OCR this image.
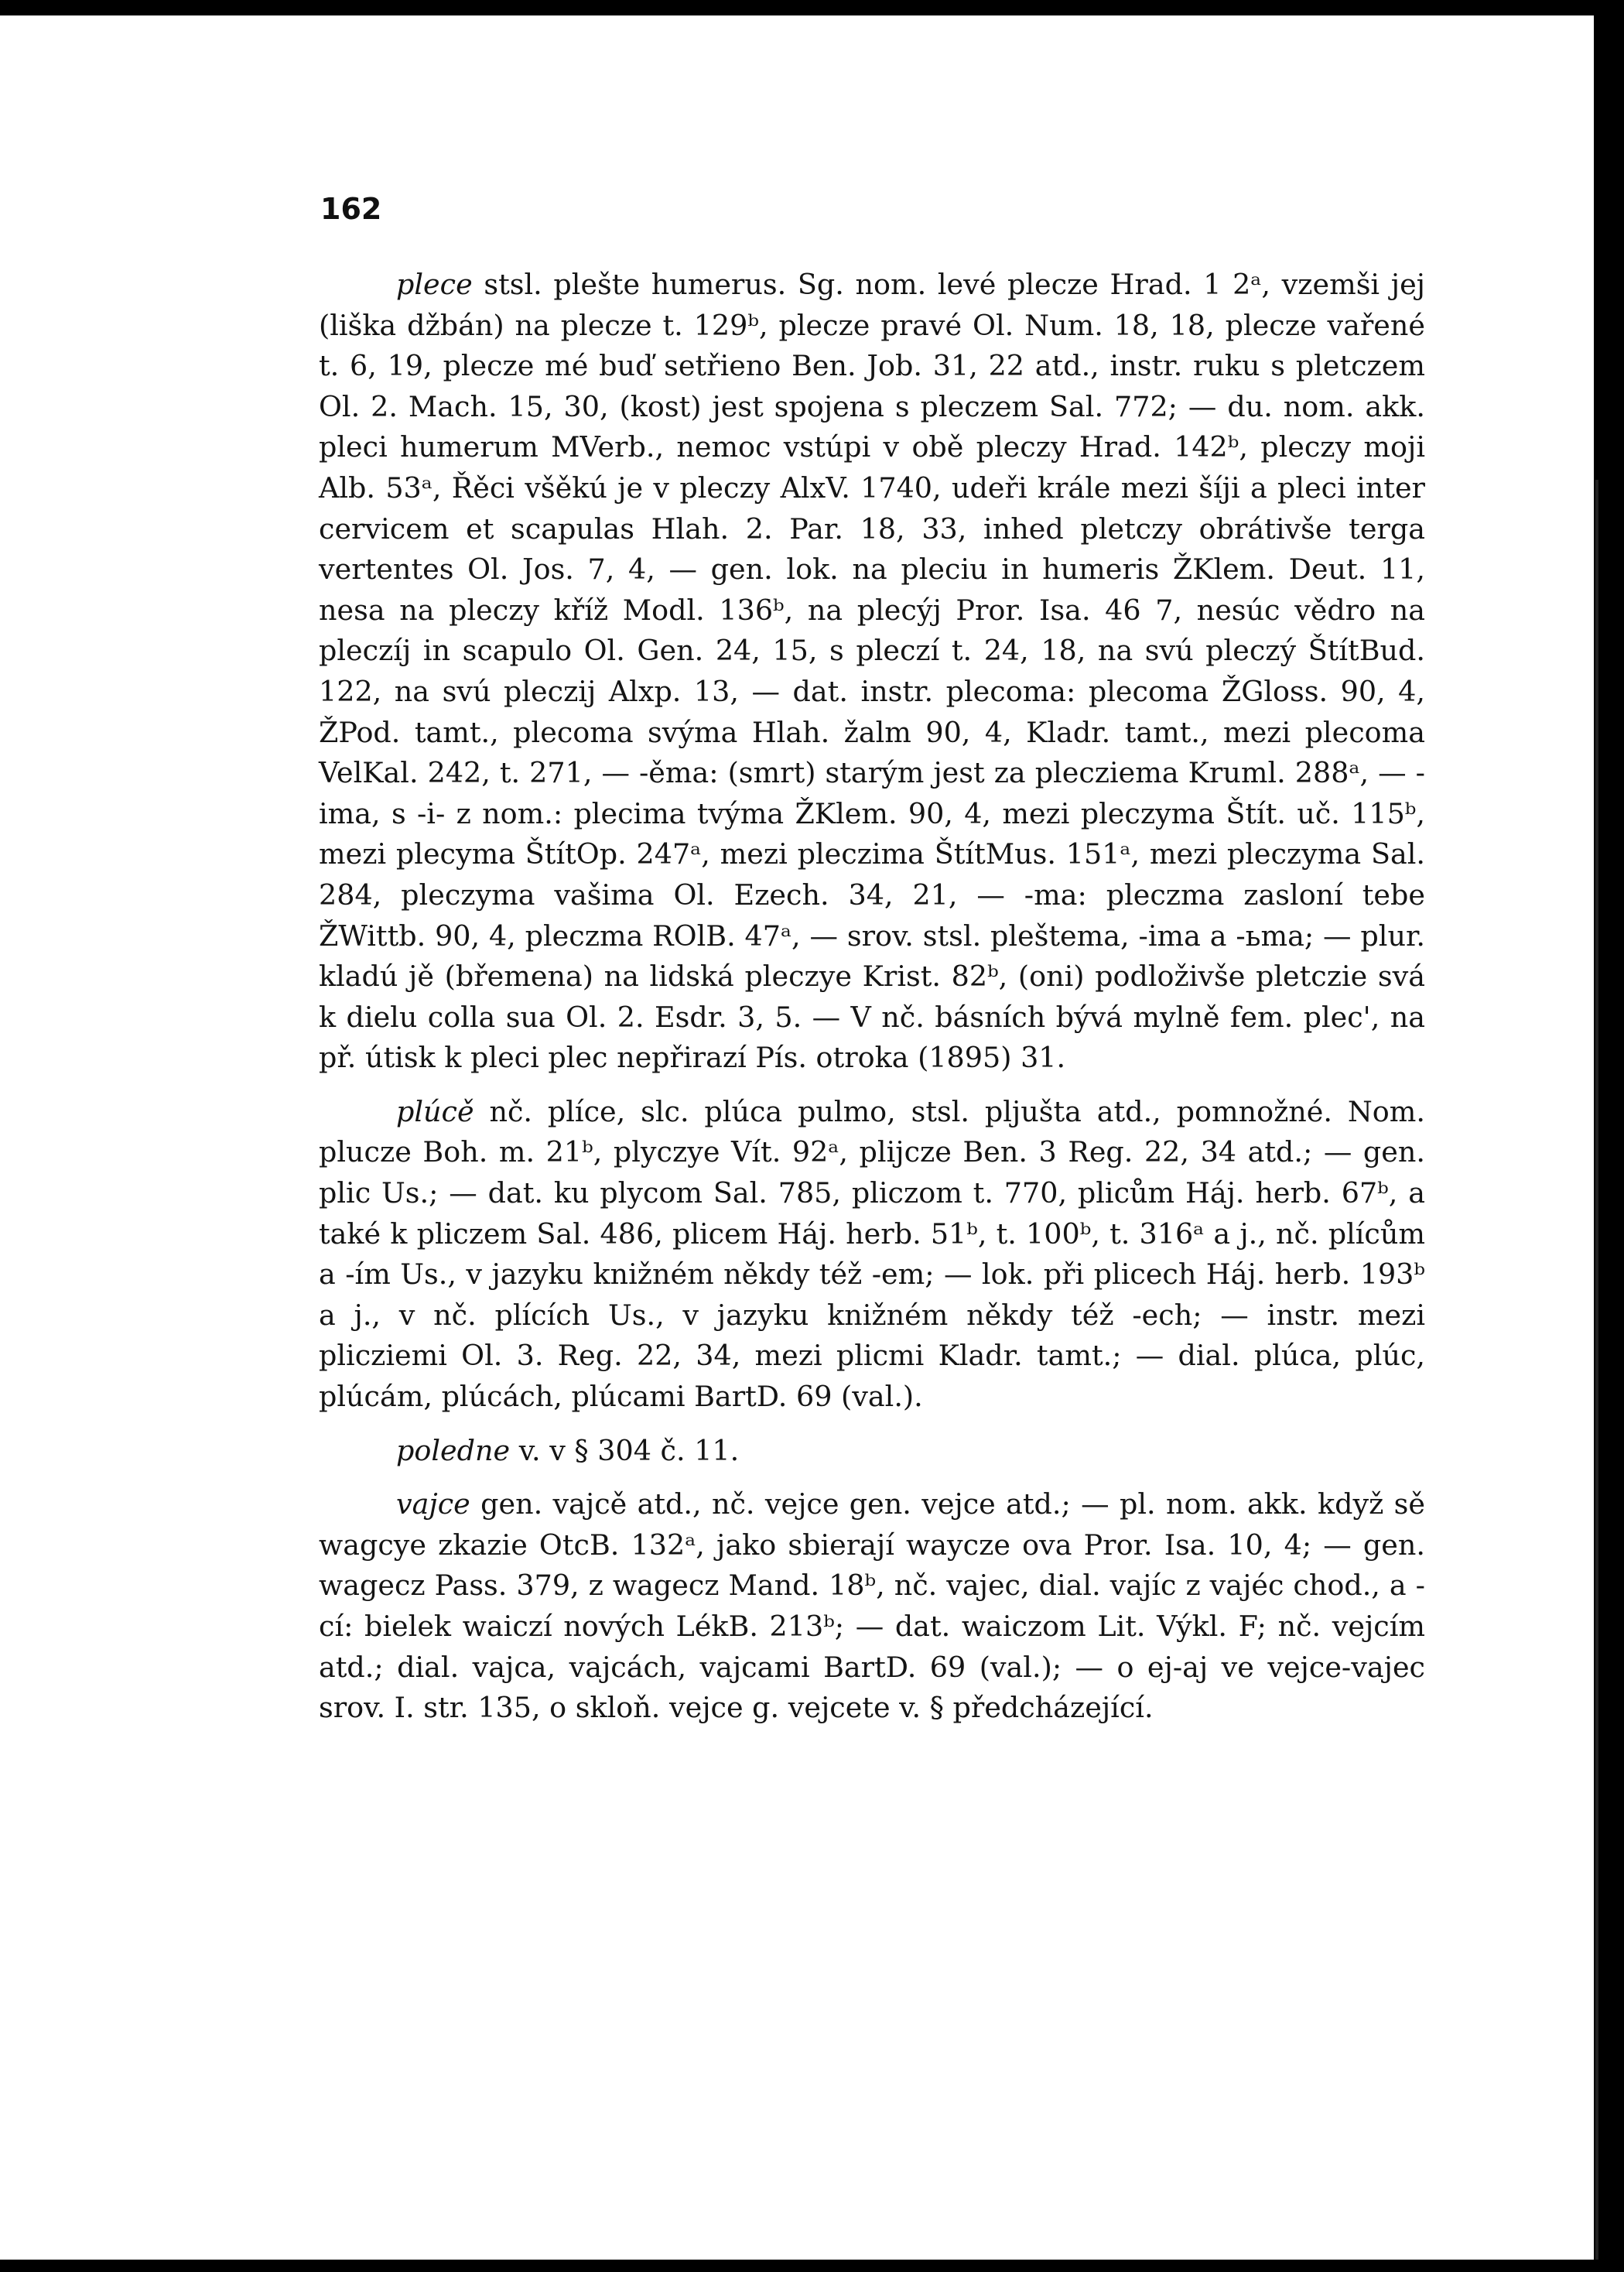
162

plece stsl. plešte humerus. Sg. nom. levé plecze Hrad. 1 2ᵃ, vzemši jej (liška džbán) na plecze t. 129ᵇ, plecze pravé Ol. Num. 18, 18, plecze vařené t. 6, 19, plecze mé buď setřieno Ben. Job. 31, 22 atd., instr. ruku s pletczem Ol. 2. Mach. 15, 30, (kost) jest spojena s pleczem Sal. 772; — du. nom. akk. pleci humerum MVerb., nemoc vstúpi v obě pleczy Hrad. 142ᵇ, pleczy moji Alb. 53ᵃ, Řěci všěkú je v pleczy AlxV. 1740, udeři krále mezi šíji a pleci inter cervicem et scapulas Hlah. 2. Par. 18, 33, inhed pletczy obrátivše terga vertentes Ol. Jos. 7, 4, — gen. lok. na pleciu in humeris ŽKlem. Deut. 11, nesa na pleczy kříž Modl. 136ᵇ, na plecýj Pror. Isa. 46 7, nesúc vědro na pleczíj in scapulo Ol. Gen. 24, 15, s pleczí t. 24, 18, na svú pleczý ŠtítBud. 122, na svú pleczij Alxp. 13, — dat. instr. plecoma: plecoma ŽGloss. 90, 4, ŽPod. tamt., plecoma svýma Hlah. žalm 90, 4, Kladr. tamt., mezi plecoma VelKal. 242, t. 271, — -ěma: (smrt) starým jest za plecziema Kruml. 288ᵃ, — -ima, s -i- z nom.: plecima tvýma ŽKlem. 90, 4, mezi pleczyma Štít. uč. 115ᵇ, mezi plecyma ŠtítOp. 247ᵃ, mezi pleczima ŠtítMus. 151ᵃ, mezi pleczyma Sal. 284, pleczyma vašima Ol. Ezech. 34, 21, — -ma: pleczma zasloní tebe ŽWittb. 90, 4, pleczma ROlB. 47ᵃ, — srov. stsl. pleštema, -ima a -ьma; — plur. kladú jě (břemena) na lidská pleczye Krist. 82ᵇ, (oni) podloživše pletczie svá k dielu colla sua Ol. 2. Esdr. 3, 5. — V nč. básních bývá mylně fem. plec', na př. útisk k pleci plec nepřirazí Pís. otroka (1895) 31.

plúcě nč. plíce, slc. plúca pulmo, stsl. pljušta atd., pomnožné. Nom. plucze Boh. m. 21ᵇ, plyczye Vít. 92ᵃ, plijcze Ben. 3 Reg. 22, 34 atd.; — gen. plic Us.; — dat. ku plycom Sal. 785, pliczom t. 770, plicům Háj. herb. 67ᵇ, a také k pliczem Sal. 486, plicem Háj. herb. 51ᵇ, t. 100ᵇ, t. 316ᵃ a j., nč. plícům a -ím Us., v jazyku knižném někdy též -em; — lok. při plicech Háj. herb. 193ᵇ a j., v nč. plících Us., v jazyku knižném někdy též -ech; — instr. mezi plicziemi Ol. 3. Reg. 22, 34, mezi plicmi Kladr. tamt.; — dial. plúca, plúc, plúcám, plúcách, plúcami BartD. 69 (val.).

poledne v. v § 304 č. 11.

vajce gen. vajcě atd., nč. vejce gen. vejce atd.; — pl. nom. akk. když sě wagcye zkazie OtcB. 132ᵃ, jako sbierají waycze ova Pror. Isa. 10, 4; — gen. wagecz Pass. 379, z wagecz Mand. 18ᵇ, nč. vajec, dial. vajíc z vajéc chod., a -cí: bielek waiczí nových LékB. 213ᵇ; — dat. waiczom Lit. Výkl. F; nč. vejcím atd.; dial. vajca, vajcách, vajcami BartD. 69 (val.); — o ej-aj ve vejce-vajec srov. I. str. 135, o skloň. vejce g. vejcete v. § předcházející.
